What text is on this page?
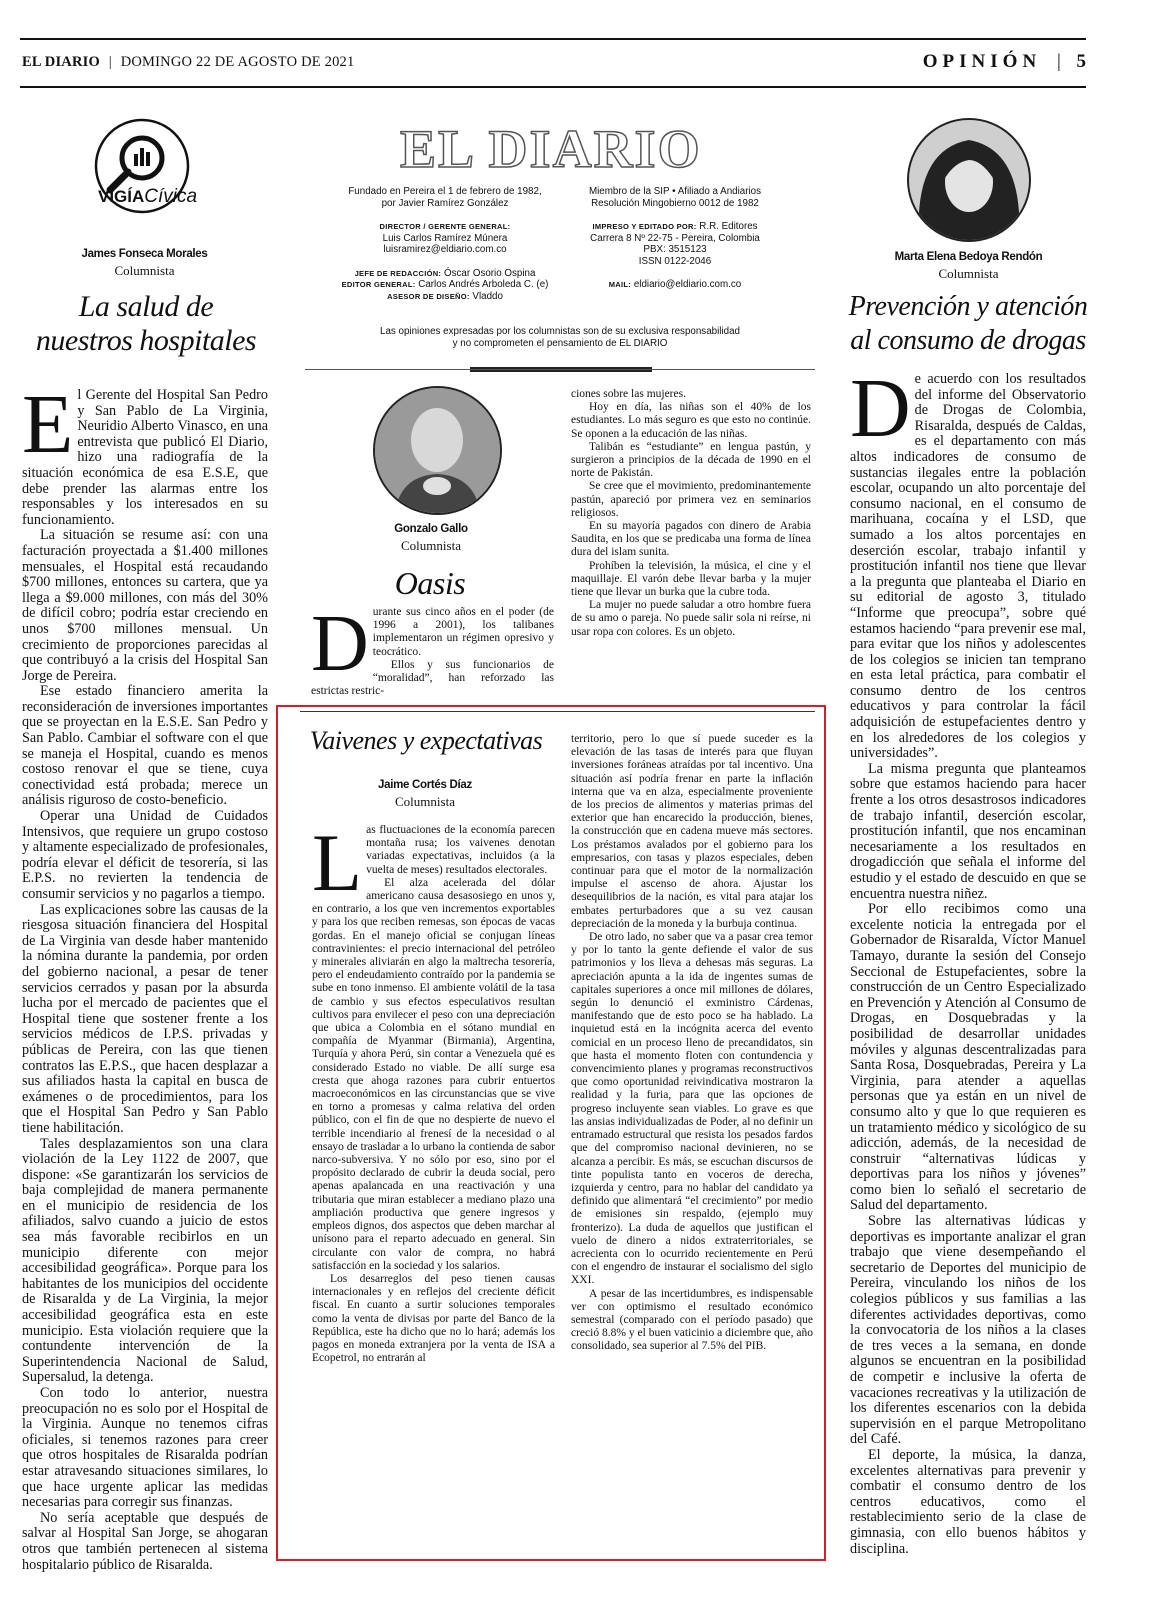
EL DIARIO | DOMINGO 22 DE AGOSTO DE 2021	OPINIÓN | 5
VIGÍACívica
James Fonseca Morales
Columnista
La salud de
nuestros hospitales
E l Gerente del Hospital San Pedro y San Pablo de La Virginia, Neuridio Alberto Vinasco, en una entrevista que publicó El Diario, hizo una radiografía de la situación económica de esa E.S.E, que debe prender las alarmas entre los responsables y los interesados en su funcionamiento.

La situación se resume así: con una facturación proyectada a $1.400 millones mensuales, el Hospital está recaudando $700 millones, entonces su cartera, que ya llega a $9.000 millones, con más del 30% de difícil cobro; podría estar creciendo en unos $700 millones mensual. Un crecimiento de proporciones parecidas al que contribuyó a la crisis del Hospital San Jorge de Pereira.

Ese estado financiero amerita la reconsideración de inversiones importantes que se proyectan en la E.S.E. San Pedro y San Pablo. Cambiar el software con el que se maneja el Hospital, cuando es menos costoso renovar el que se tiene, cuya conectividad está probada; merece un análisis riguroso de costo-beneficio.

Operar una Unidad de Cuidados Intensivos, que requiere un grupo costoso y altamente especializado de profesionales, podría elevar el déficit de tesorería, si las E.P.S. no revierten la tendencia de consumir servicios y no pagarlos a tiempo.

Las explicaciones sobre las causas de la riesgosa situación financiera del Hospital de La Virginia van desde haber mantenido la nómina durante la pandemia, por orden del gobierno nacional, a pesar de tener servicios cerrados y pasan por la absurda lucha por el mercado de pacientes que el Hospital tiene que sostener frente a los servicios médicos de I.P.S. privadas y públicas de Pereira, con las que tienen contratos las E.P.S., que hacen desplazar a sus afiliados hasta la capital en busca de exámenes o de procedimientos, para los que el Hospital San Pedro y San Pablo tiene habilitación.

Tales desplazamientos son una clara violación de la Ley 1122 de 2007, que dispone: «Se garantizarán los servicios de baja complejidad de manera permanente en el municipio de residencia de los afiliados, salvo cuando a juicio de estos sea más favorable recibirlos en un municipio diferente con mejor accesibilidad geográfica». Porque para los habitantes de los municipios del occidente de Risaralda y de La Virginia, la mejor accesibilidad geográfica esta en este municipio. Esta violación requiere que la contundente intervención de la Superintendencia Nacional de Salud, Supersalud, la detenga.

Con todo lo anterior, nuestra preocupación no es solo por el Hospital de la Virginia. Aunque no tenemos cifras oficiales, si tenemos razones para creer que otros hospitales de Risaralda podrían estar atravesando situaciones similares, lo que hace urgente aplicar las medidas necesarias para corregir sus finanzas.

No sería aceptable que después de salvar al Hospital San Jorge, se ahogaran otros que también pertenecen al sistema hospitalario público de Risaralda.

EL DIARIO
Fundado en Pereira el 1 de febrero de 1982,
por Javier Ramírez González
DIRECTOR / GERENTE GENERAL:
Luis Carlos Ramírez Múnera
luisramirez@eldiario.com.co
JEFE DE REDACCIÓN: Óscar Osorio Ospina
EDITOR GENERAL: Carlos Andrés Arboleda C. (e)
ASESOR DE DISEÑO: Vladdo
Miembro de la SIP • Afiliado a Andiarios
Resolución Mingobierno 0012 de 1982
IMPRESO Y EDITADO POR: R.R. Editores
Carrera 8 Nº 22-75 - Pereira, Colombia
PBX: 3515123
ISSN 0122-2046
MAIL: eldiario@eldiario.com.co
Las opiniones expresadas por los columnistas son de su exclusiva responsabilidad
y no comprometen el pensamiento de EL DIARIO
Gonzalo Gallo
Columnista
Oasis
D urante sus cinco años en el poder (de 1996 a 2001), los talibanes implementaron un régimen opresivo y teocrático.

Ellos y sus funcionarios de “moralidad”, han reforzado las estrictas restric-

ciones sobre las mujeres.

Hoy en día, las niñas son el 40% de los estudiantes. Lo más seguro es que esto no continúe. Se oponen a la educación de las niñas.

Talibán es “estudiante” en lengua pastún, y surgieron a principios de la década de 1990 en el norte de Pakistán.

Se cree que el movimiento, predominantemente pastún, apareció por primera vez en seminarios religiosos.

En su mayoría pagados con dinero de Arabia Saudita, en los que se predicaba una forma de línea dura del islam sunita.

Prohíben la televisión, la música, el cine y el maquillaje. El varón debe llevar barba y la mujer tiene que llevar un burka que la cubre toda.

La mujer no puede saludar a otro hombre fuera de su amo o pareja. No puede salir sola ni reírse, ni usar ropa con colores. Es un objeto.

Vaivenes y expectativas
Jaime Cortés Díaz
Columnista
L as fluctuaciones de la economía parecen montaña rusa; los vaivenes denotan variadas expectativas, incluidos (a la vuelta de meses) resultados electorales.

El alza acelerada del dólar americano causa desasosiego en unos y, en contrario, a los que ven incrementos exportables y para los que reciben remesas, son épocas de vacas gordas. En el manejo oficial se conjugan líneas contravinientes: el precio internacional del petróleo y minerales aliviarán en algo la maltrecha tesorería, pero el endeudamiento contraído por la pandemia se sube en tono inmenso. El ambiente volátil de la tasa de cambio y sus efectos especulativos resultan cultivos para envilecer el peso con una depreciación que ubica a Colombia en el sótano mundial en compañía de Myanmar (Birmania), Argentina, Turquía y ahora Perú, sin contar a Venezuela qué es considerado Estado no viable. De allí surge esa cresta que ahoga razones para cubrir entuertos macroeconómicos en las circunstancias que se vive en torno a promesas y calma relativa del orden público, con el fin de que no despierte de nuevo el terrible incendiario al frenesí de la necesidad o al ensayo de trasladar a lo urbano la contienda de sabor narco-subversiva. Y no sólo por eso, sino por el propósito declarado de cubrir la deuda social, pero apenas apalancada en una reactivación y una tributaria que miran establecer a mediano plazo una ampliación productiva que genere ingresos y empleos dignos, dos aspectos que deben marchar al unísono para el reparto adecuado en general. Sin circulante con valor de compra, no habrá satisfacción en la sociedad y los salarios.

Los desarreglos del peso tienen causas internacionales y en reflejos del creciente déficit fiscal. En cuanto a surtir soluciones temporales como la venta de divisas por parte del Banco de la República, este ha dicho que no lo hará; además los pagos en moneda extranjera por la venta de ISA a Ecopetrol, no entrarán al

territorio, pero lo que sí puede suceder es la elevación de las tasas de interés para que fluyan inversiones foráneas atraídas por tal incentivo. Una situación así podría frenar en parte la inflación interna que va en alza, especialmente proveniente de los precios de alimentos y materias primas del exterior que han encarecido la producción, bienes, la construcción que en cadena mueve más sectores. Los préstamos avalados por el gobierno para los empresarios, con tasas y plazos especiales, deben continuar para que el motor de la normalización impulse el ascenso de ahora. Ajustar los desequilibrios de la nación, es vital para atajar los embates perturbadores que a su vez causan depreciación de la moneda y la burbuja continua.

De otro lado, no saber que va a pasar crea temor y por lo tanto la gente defiende el valor de sus patrimonios y los lleva a dehesas más seguras. La apreciación apunta a la ida de ingentes sumas de capitales superiores a once mil millones de dólares, según lo denunció el exministro Cárdenas, manifestando que de esto poco se ha hablado. La inquietud está en la incógnita acerca del evento comicial en un proceso lleno de precandidatos, sin que hasta el momento floten con contundencia y convencimiento planes y programas reconstructivos que como oportunidad reivindicativa mostraron la realidad y la furia, para que las opciones de progreso incluyente sean viables. Lo grave es que las ansias individualizadas de Poder, al no definir un entramado estructural que resista los pesados fardos que del compromiso nacional devinieren, no se alcanza a percibir. Es más, se escuchan discursos de tinte populista tanto en voceros de derecha, izquierda y centro, para no hablar del candidato ya definido que alimentará “el crecimiento” por medio de emisiones sin respaldo, (ejemplo muy fronterizo). La duda de aquellos que justifican el vuelo de dinero a nidos extraterritoriales, se acrecienta con lo ocurrido recientemente en Perú con el engendro de instaurar el socialismo del siglo XXI.

A pesar de las incertidumbres, es indispensable ver con optimismo el resultado económico semestral (comparado con el período pasado) que creció 8.8% y el buen vaticinio a diciembre que, año consolidado, sea superior al 7.5% del PIB.

Marta Elena Bedoya Rendón
Columnista
Prevención y atención
al consumo de drogas
D e acuerdo con los resultados del informe del Observatorio de Drogas de Colombia, Risaralda, después de Caldas, es el departamento con más altos indicadores de consumo de sustancias ilegales entre la población escolar, ocupando un alto porcentaje del consumo nacional, en el consumo de marihuana, cocaína y el LSD, que sumado a los altos porcentajes en deserción escolar, trabajo infantil y prostitución infantil nos tiene que llevar a la pregunta que planteaba el Diario en su editorial de agosto 3, titulado “Informe que preocupa”, sobre qué estamos haciendo “para prevenir ese mal, para evitar que los niños y adolescentes de los colegios se inicien tan temprano en esta letal práctica, para combatir el consumo dentro de los centros educativos y para controlar la fácil adquisición de estupefacientes dentro y en los alrededores de los colegios y universidades”.

La misma pregunta que planteamos sobre que estamos haciendo para hacer frente a los otros desastrosos indicadores de trabajo infantil, deserción escolar, prostitución infantil, que nos encaminan necesariamente a los resultados en drogadicción que señala el informe del estudio y el estado de descuido en que se encuentra nuestra niñez.

Por ello recibimos como una excelente noticia la entregada por el Gobernador de Risaralda, Víctor Manuel Tamayo, durante la sesión del Consejo Seccional de Estupefacientes, sobre la construcción de un Centro Especializado en Prevención y Atención al Consumo de Drogas, en Dosquebradas y la posibilidad de desarrollar unidades móviles y algunas descentralizadas para Santa Rosa, Dosquebradas, Pereira y La Virginia, para atender a aquellas personas que ya están en un nivel de consumo alto y que lo que requieren es un tratamiento médico y sicológico de su adicción, además, de la necesidad de construir “alternativas lúdicas y deportivas para los niños y jóvenes” como bien lo señaló el secretario de Salud del departamento.

Sobre las alternativas lúdicas y deportivas es importante analizar el gran trabajo que viene desempeñando el secretario de Deportes del municipio de Pereira, vinculando los niños de los colegios públicos y sus familias a las diferentes actividades deportivas, como la convocatoria de los niños a la clases de tres veces a la semana, en donde algunos se encuentran en la posibilidad de competir e inclusive la oferta de vacaciones recreativas y la utilización de los diferentes escenarios con la debida supervisión en el parque Metropolitano del Café.

El deporte, la música, la danza, excelentes alternativas para prevenir y combatir el consumo dentro de los centros educativos, como el restablecimiento serio de la clase de gimnasia, con ello buenos hábitos y disciplina.
